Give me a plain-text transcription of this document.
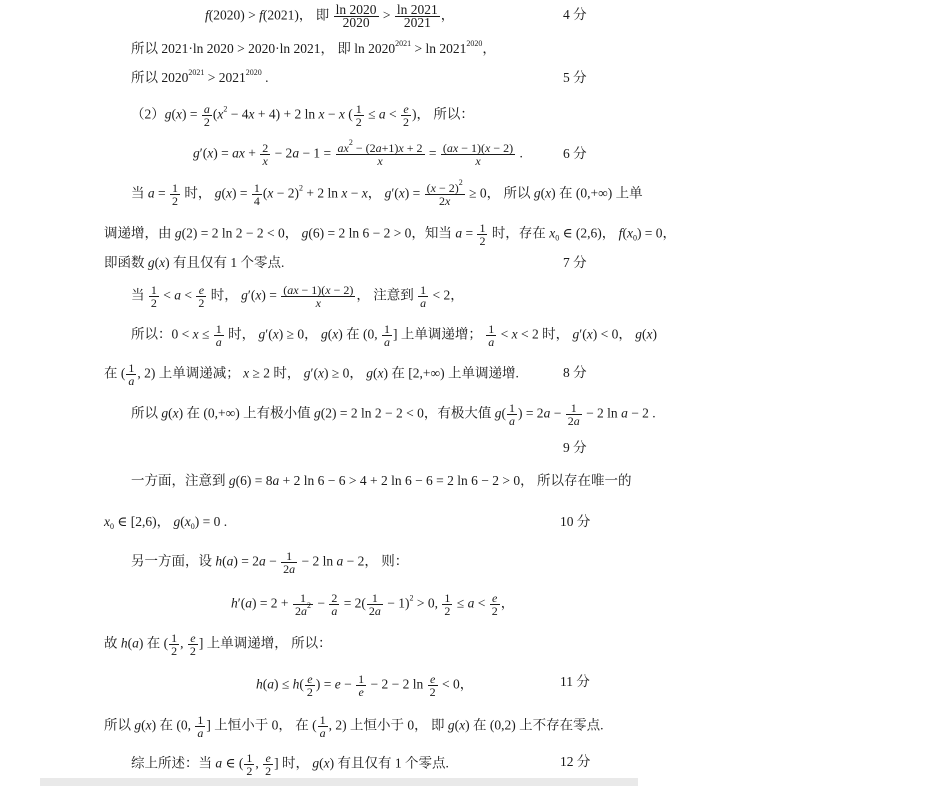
f(2020) > f(2021)， 即 $\frac{\ln 2020}{2020} > \frac{\ln 2021}{2021}$ ，	4 分
所以 2021·ln 2020 > 2020·ln 2021， 即 $\ln 2020^{2021} > \ln 2021^{2020}$，
所以 $2020^{2021} > 2021^{2020}$ .	5 分
$(2)g(x) = \frac{a}{2} (x^2 - 4x + 4) + 2$ ln x − x ( $\frac{1}{2} \le a < \frac{e}{2}$ )， 所以：
g′(x) = ax + $\frac{2}{x} - 2a - 1 = \frac{ax^2 - (2a+1)x + 2}{x} = \frac{(ax - 1)(x - 2)}{x}$ .	6 分
当 $a = \frac{1}{2}$ 时， $g(x) = \frac{1}{4} (x - 2)^2 + 2$ ln x − x， $g'(x) = \frac{(x - 2)^2}{2x} \ge 0$， 所以 g(x) 在 (0,+∞) 上单
调递增，由 g(2) = 2 ln 2 − 2 < 0， g(6) = 2 ln 6 − 2 > 0，知当 $a = \frac{1}{2}$ 时，存在 $x_0$ ∈ (2,6)， $f(x_0) = 0$，
即函数 g(x) 有且仅有 1 个零点.	7 分
当 $\frac{1}{2} < a < \frac{e}{2}$ 时， $g'(x) = \frac{(ax - 1)(x - 2)}{x}$ ， 注意到 $\frac{1}{a} < 2$，
所以：$0 < x \le \frac{1}{a}$ 时， g′(x) ≥ 0， g(x) 在 (0, $\frac{1}{a}$ ] 上单调递增； $\frac{1}{a} < x < 2$ 时， g′(x) < 0， g(x)
在 ( $\frac{1}{a}$ , 2) 上单调递减； x ≥ 2 时， g′(x) ≥ 0， g(x) 在 [2,+∞) 上单调递增.	8 分
所以 g(x) 在 (0,+∞) 上有极小值 g(2) = 2 ln 2 − 2 < 0，有极大值 $g( \frac{1}{a}$ ) = $2a - \frac{1}{2a} - 2$ ln a − 2 .
9 分
一方面，注意到 g(6) = 8a + 2 ln 6 − 6 > 4 + 2 ln 6 − 6 = 2 ln 6 − 2 > 0， 所以存在唯一的
$x_0$ ∈ [2,6)， $g(x_0) = 0$ .	10 分
另一方面，设 $h(a) = 2a - \frac{1}{2a} - 2$ ln a − 2， 则：
$h'(a) = 2 + \frac{1}{2a^2} - \frac{2}{a} = 2( \frac{1}{2a} - 1)^2 > 0$, $\frac{1}{2} \le a < \frac{e}{2}$ ，
故 h(a) 在 ( $\frac{1}{2}$ , $\frac{e}{2}$ ] 上单调递增， 所以：
$h(a) \le h( \frac{e}{2}$ ) = $e - \frac{1}{e} - 2 - 2$ $\ln \frac{e}{2} < 0$，	11 分
所以 g(x) 在 (0, $\frac{1}{a}$ ] 上恒小于 0， 在 ( $\frac{1}{a}$ , 2) 上恒小于 0， 即 g(x) 在 (0,2) 上不存在零点.
综上所述：当 a ∈ ( $\frac{1}{2}$ , $\frac{e}{2}$ ] 时， g(x) 有且仅有 1 个零点.	12 分
